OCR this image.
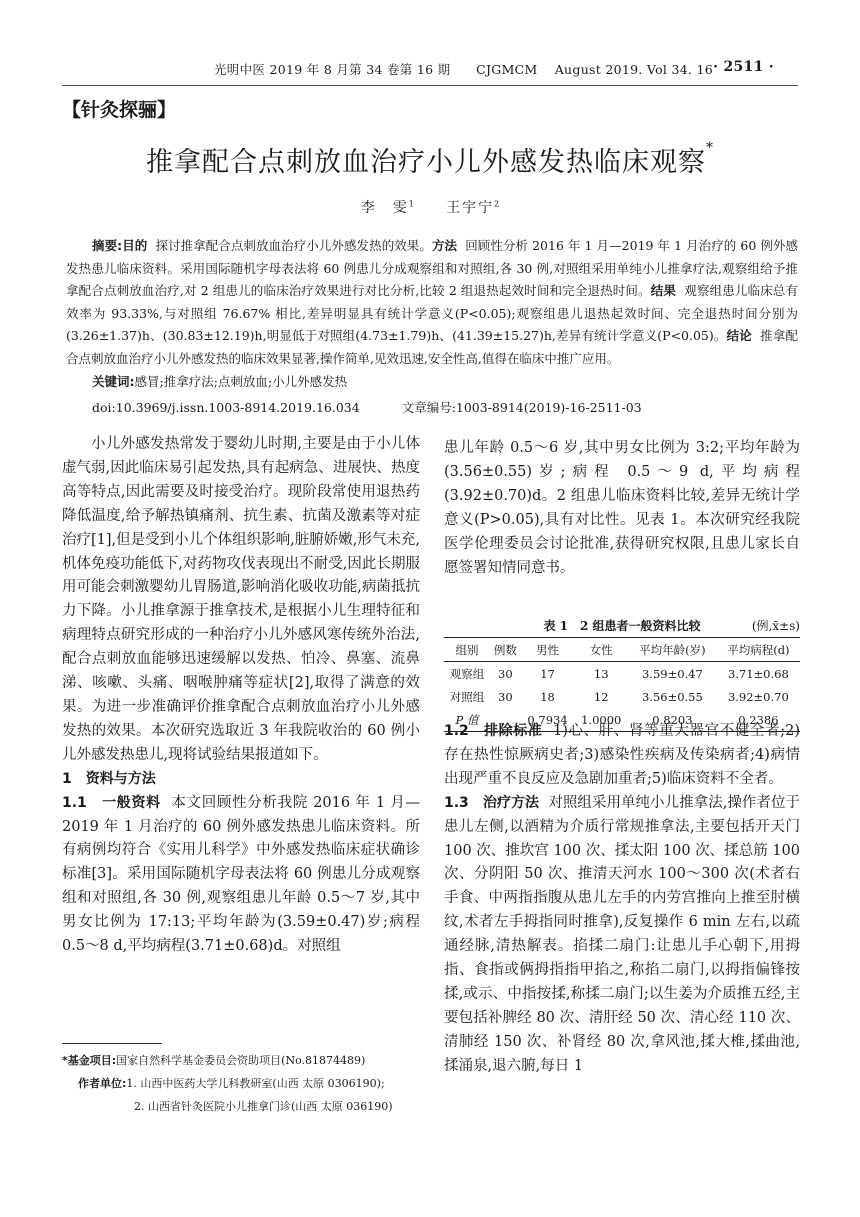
光明中医 2019 年 8 月第 34 卷第 16 期      CJGMCM    August 2019. Vol 34. 16 · 2511 ·
【针灸探骊】
推拿配合点刺放血治疗小儿外感发热临床观察*
李　雯$^1$ 王宇宁$^2$

摘要:目的 探讨推拿配合点刺放血治疗小儿外感发热的效果。方法 回顾性分析 2016 年 1 月—2019 年 1 月治疗的 60 例外感发热患儿临床资料。采用国际随机字母表法将 60 例患儿分成观察组和对照组,各 30 例,对照组采用单纯小儿推拿疗法,观察组给予推拿配合点刺放血治疗,对 2 组患儿的临床治疗效果进行对比分析,比较 2 组退热起效时间和完全退热时间。结果 观察组患儿临床总有效率为 93.33%,与对照组 76.67% 相比,差异明显具有统计学意义(P<0.05);观察组患儿退热起效时间、完全退热时间分别为(3.26±1.37)h、(30.83±12.19)h,明显低于对照组(4.73±1.79)h、(41.39±15.27)h,差异有统计学意义(P<0.05)。结论 推拿配合点刺放血治疗小儿外感发热的临床效果显著,操作简单,见效迅速,安全性高,值得在临床中推广应用。

关键词:感冒;推拿疗法;点刺放血;小儿外感发热
doi:10.3969/j.issn.1003-8914.2019.16.034	文章编号:1003-8914(2019)-16-2511-03

小儿外感发热常发于婴幼儿时期,主要是由于小儿体虚气弱,因此临床易引起发热,具有起病急、进展快、热度高等特点,因此需要及时接受治疗。现阶段常使用退热药降低温度,给予解热镇痛剂、抗生素、抗菌及激素等对症治疗[1],但是受到小儿个体组织影响,脏腑娇嫩,形气未充,机体免疫功能低下,对药物攻伐表现出不耐受,因此长期服用可能会刺激婴幼儿胃肠道,影响消化吸收功能,病菌抵抗力下降。小儿推拿源于推拿技术,是根据小儿生理特征和病理特点研究形成的一种治疗小儿外感风寒传统外治法,配合点刺放血能够迅速缓解以发热、怕冷、鼻塞、流鼻涕、咳嗽、头痛、咽喉肿痛等症状[2],取得了满意的效果。为进一步准确评价推拿配合点刺放血治疗小儿外感发热的效果。本次研究选取近 3 年我院收治的 60 例小儿外感发热患儿,现将试验结果报道如下。

1　资料与方法

1.1　一般资料 本文回顾性分析我院 2016 年 1 月—2019 年 1 月治疗的 60 例外感发热患儿临床资料。所有病例均符合《实用儿科学》中外感发热临床症状确诊标准[3]。采用国际随机字母表法将 60 例患儿分成观察组和对照组,各 30 例,观察组患儿年龄 0.5～7 岁,其中男女比例为 17:13;平均年龄为(3.59±0.47)岁;病程 0.5～8 d,平均病程(3.71±0.68)d。对照组

*基金项目:国家自然科学基金委员会资助项目(No.81874489)
作者单位:1. 山西中医药大学儿科教研室(山西 太原 0306190);
2. 山西省针灸医院小儿推拿门诊(山西 太原 036190)

患儿年龄 0.5～6 岁,其中男女比例为 3:2;平均年龄为(3.56±0.55)岁;病程 0.5～9 d,平均病程(3.92±0.70)d。2 组患儿临床资料比较,差异无统计学意义(P>0.05),具有对比性。见表 1。本次研究经我院医学伦理委员会讨论批准,获得研究权限,且患儿家长自愿签署知情同意书。

表 1　2 组患者一般资料比较	(例,x̄±s)
组别	例数	男性	女性	平均年龄(岁)	平均病程(d)
观察组	30	17	13	3.59±0.47	3.71±0.68
对照组	30	18	12	3.56±0.55	3.92±0.70
P 值		0.7934	1.0000	0.8203	0.2386

1.2　排除标准 1)心、肝、肾等重大器官不健全者;2)存在热性惊厥病史者;3)感染性疾病及传染病者;4)病情出现严重不良反应及急剧加重者;5)临床资料不全者。

1.3　治疗方法 对照组采用单纯小儿推拿法,操作者位于患儿左侧,以酒精为介质行常规推拿法,主要包括开天门 100 次、推坎宫 100 次、揉太阳 100 次、揉总筋 100 次、分阴阳 50 次、推清天河水 100～300 次(术者右手食、中两指指腹从患儿左手的内劳宫推向上推至肘横纹,术者左手拇指同时推拿),反复操作 6 min 左右,以疏通经脉,清热解表。掐揉二扇门:让患儿手心朝下,用拇指、食指或俩拇指指甲掐之,称掐二扇门,以拇指偏锋按揉,或示、中指按揉,称揉二扇门;以生姜为介质推五经,主要包括补脾经 80 次、清肝经 50 次、清心经 110 次、清肺经 150 次、补肾经 80 次,拿风池,揉大椎,揉曲池,揉涌泉,退六腑,每日 1
